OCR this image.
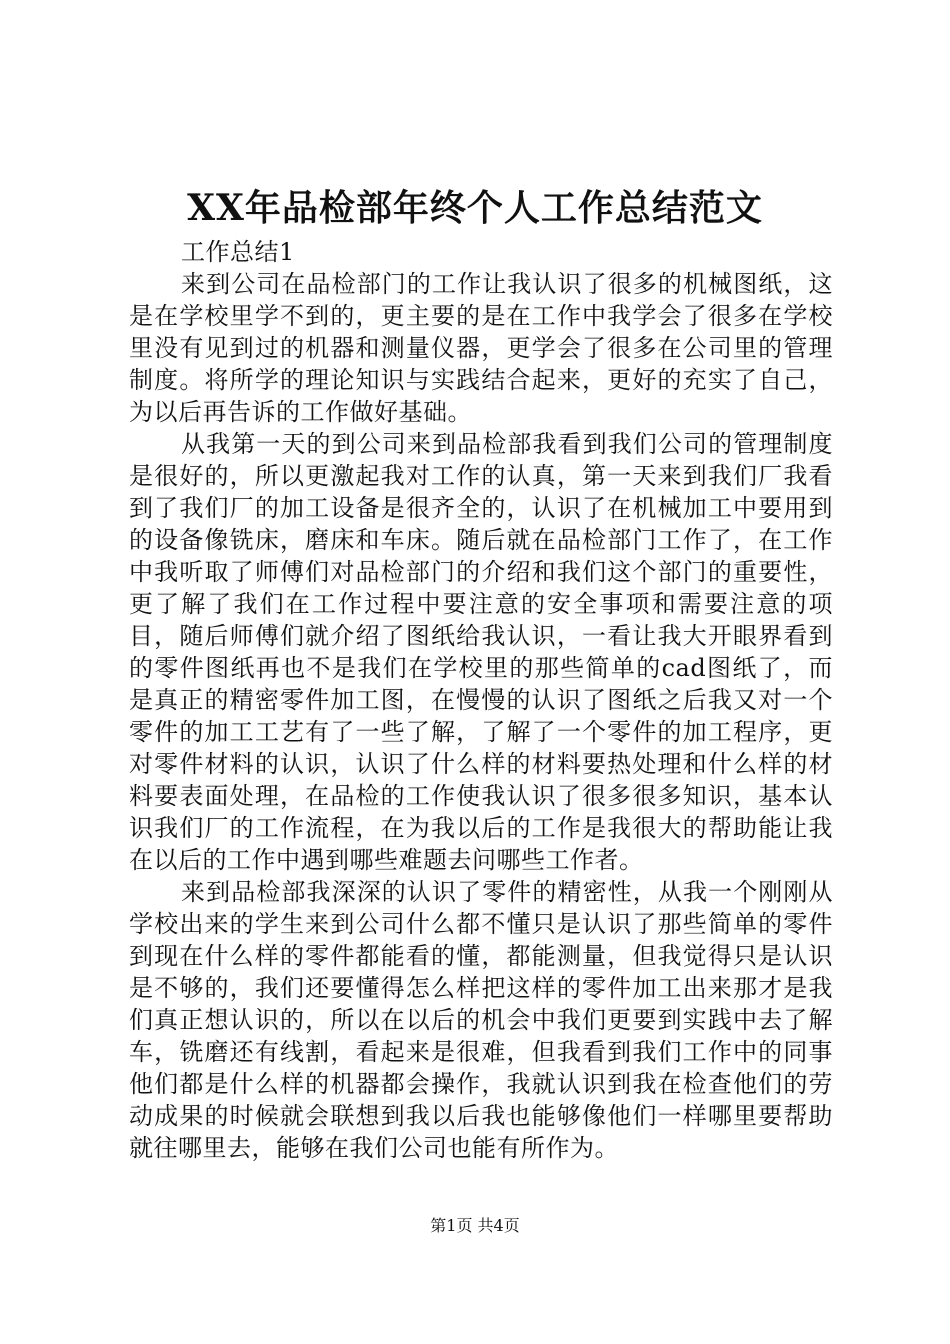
XX年品检部年终个人工作总结范文

工作总结1

来到公司在品检部门的工作让我认识了很多的机械图纸，这是在学校里学不到的，更主要的是在工作中我学会了很多在学校里没有见到过的机器和测量仪器，更学会了很多在公司里的管理制度。将所学的理论知识与实践结合起来，更好的充实了自己，为以后再告诉的工作做好基础。

从我第一天的到公司来到品检部我看到我们公司的管理制度是很好的，所以更激起我对工作的认真，第一天来到我们厂我看到了我们厂的加工设备是很齐全的，认识了在机械加工中要用到的设备像铣床，磨床和车床。随后就在品检部门工作了，在工作中我听取了师傅们对品检部门的介绍和我们这个部门的重要性，更了解了我们在工作过程中要注意的安全事项和需要注意的项目，随后师傅们就介绍了图纸给我认识，一看让我大开眼界看到的零件图纸再也不是我们在学校里的那些简单的cad图纸了，而是真正的精密零件加工图，在慢慢的认识了图纸之后我又对一个零件的加工工艺有了一些了解，了解了一个零件的加工程序，更对零件材料的认识，认识了什么样的材料要热处理和什么样的材料要表面处理，在品检的工作使我认识了很多很多知识，基本认识我们厂的工作流程，在为我以后的工作是我很大的帮助能让我在以后的工作中遇到哪些难题去问哪些工作者。

来到品检部我深深的认识了零件的精密性，从我一个刚刚从学校出来的学生来到公司什么都不懂只是认识了那些简单的零件到现在什么样的零件都能看的懂，都能测量，但我觉得只是认识是不够的，我们还要懂得怎么样把这样的零件加工出来那才是我们真正想认识的，所以在以后的机会中我们更要到实践中去了解车，铣磨还有线割，看起来是很难，但我看到我们工作中的同事他们都是什么样的机器都会操作，我就认识到我在检查他们的劳动成果的时候就会联想到我以后我也能够像他们一样哪里要帮助就往哪里去，能够在我们公司也能有所作为。

第1页 共4页
